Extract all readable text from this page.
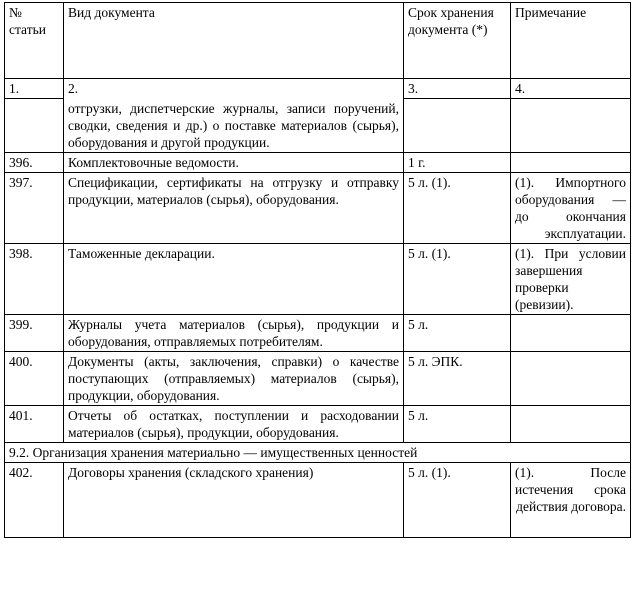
№ статьи	Вид документа	Срок хранения документа (*)	Примечание
1.	2.	3.	4.
	отгрузки, диспетчерские журналы, записи поручений, сводки, сведения и др.) о поставке материалов (сырья), оборудования и другой продукции.		
396.	Комплектовочные ведомости.	1 г.	
397.	Спецификации, сертификаты на отгрузку и отправку продукции, материалов (сырья), оборудования.	5 л. (1).	(1). Импортного оборудования — до окончания эксплуатации.
398.	Таможенные декларации.	5 л. (1).	(1). При условии завершения проверки (ревизии).
399.	Журналы учета материалов (сырья), продукции и оборудования, отправляемых потребителям.	5 л.	
400.	Документы (акты, заключения, справки) о качестве поступающих (отправляемых) материалов (сырья), продукции, оборудования.	5 л. ЭПК.	
401.	Отчеты об остатках, поступлении и расходовании материалов (сырья), продукции, оборудования.	5 л.	
9.2. Организация хранения материально — имущественных ценностей			
402.	Договоры хранения (складского хранения)	5 л. (1).	(1). После истечения срока действия договора.
